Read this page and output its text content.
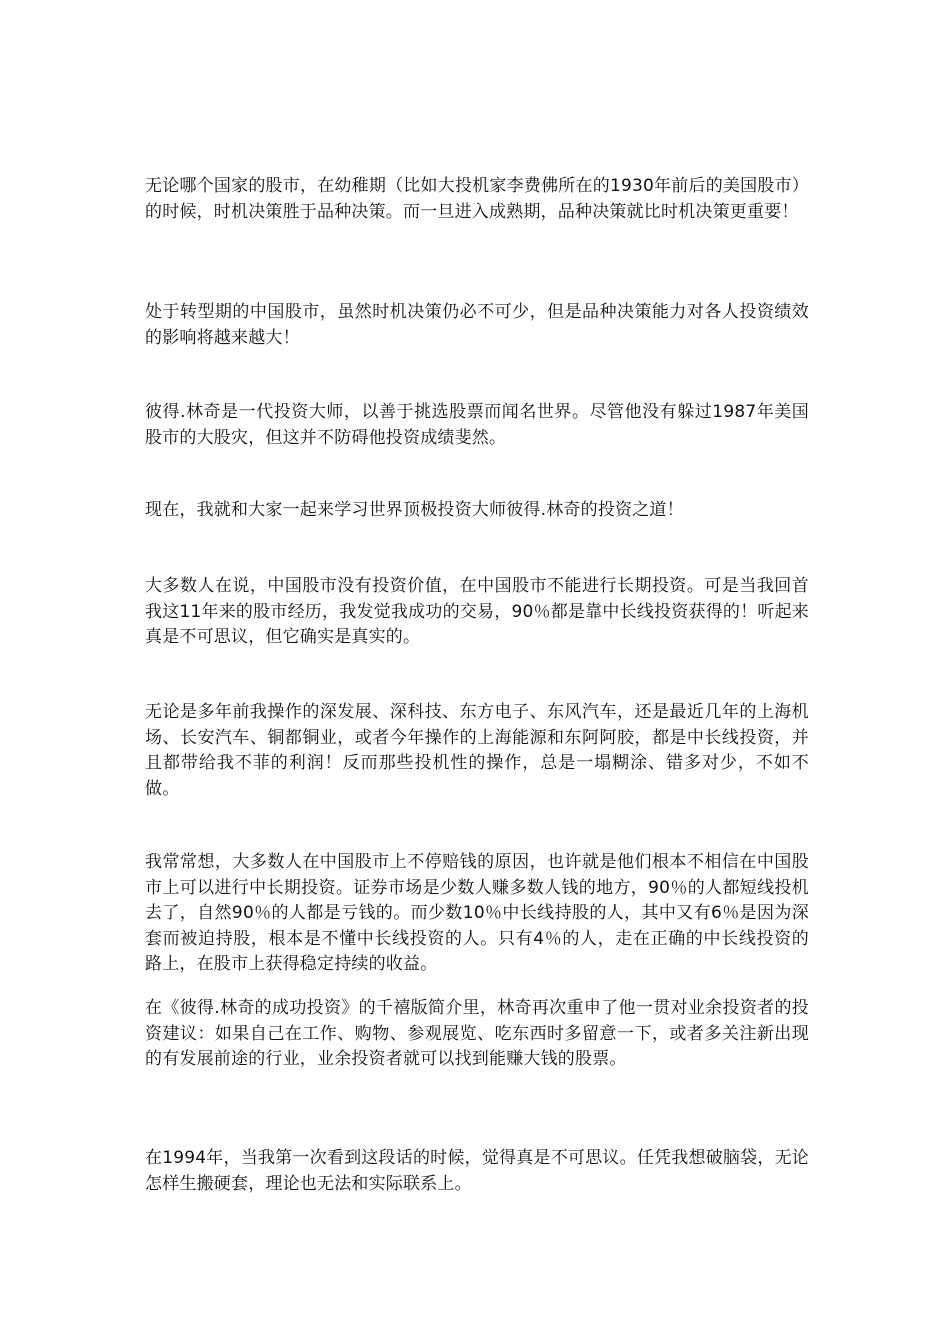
无论哪个国家的股市，在幼稚期（比如大投机家李费佛所在的1930年前后的美国股市）的时候，时机决策胜于品种决策。而一旦进入成熟期，品种决策就比时机决策更重要！

处于转型期的中国股市，虽然时机决策仍必不可少，但是品种决策能力对各人投资绩效的影响将越来越大！

彼得.林奇是一代投资大师，以善于挑选股票而闻名世界。尽管他没有躲过1987年美国股市的大股灾，但这并不防碍他投资成绩斐然。

现在，我就和大家一起来学习世界顶极投资大师彼得.林奇的投资之道！

大多数人在说，中国股市没有投资价值，在中国股市不能进行长期投资。可是当我回首我这11年来的股市经历，我发觉我成功的交易，90％都是靠中长线投资获得的！听起来真是不可思议，但它确实是真实的。

无论是多年前我操作的深发展、深科技、东方电子、东风汽车，还是最近几年的上海机场、长安汽车、铜都铜业，或者今年操作的上海能源和东阿阿胶，都是中长线投资，并且都带给我不菲的利润！反而那些投机性的操作，总是一塌糊涂、错多对少，不如不做。

我常常想，大多数人在中国股市上不停赔钱的原因，也许就是他们根本不相信在中国股市上可以进行中长期投资。证券市场是少数人赚多数人钱的地方，90％的人都短线投机去了，自然90％的人都是亏钱的。而少数10％中长线持股的人，其中又有6％是因为深套而被迫持股，根本是不懂中长线投资的人。只有4％的人，走在正确的中长线投资的路上，在股市上获得稳定持续的收益。

在《彼得.林奇的成功投资》的千禧版简介里，林奇再次重申了他一贯对业余投资者的投资建议：如果自己在工作、购物、参观展览、吃东西时多留意一下，或者多关注新出现的有发展前途的行业，业余投资者就可以找到能赚大钱的股票。

在1994年，当我第一次看到这段话的时候，觉得真是不可思议。任凭我想破脑袋，无论怎样生搬硬套，理论也无法和实际联系上。
